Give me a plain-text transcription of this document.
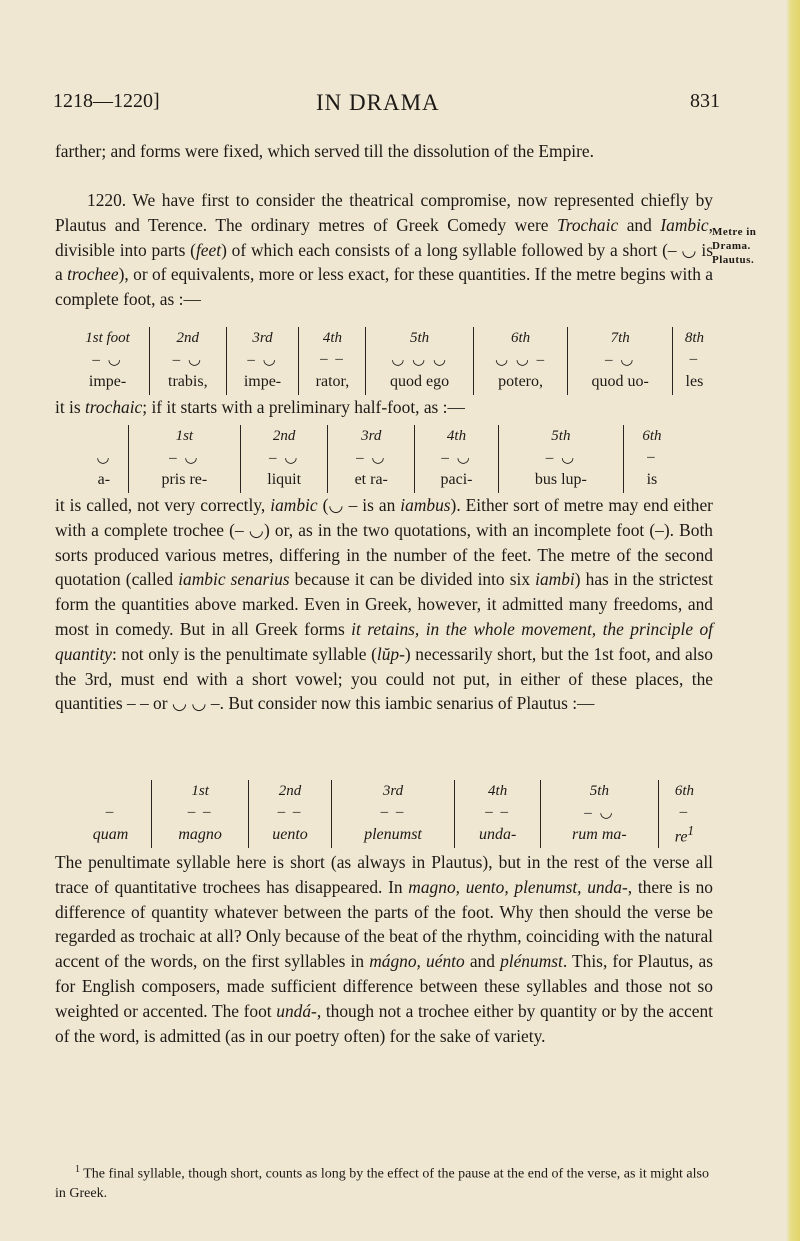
1218—1220]	IN DRAMA	831

farther; and forms were fixed, which served till the dissolution of the Empire.

1220. We have first to consider the theatrical compromise, now represented chiefly by Plautus and Terence. The ordinary metres of Greek Comedy were Trochaic and Iambic, divisible into parts (feet) of which each consists of a long syllable followed by a short (– ◡ is a trochee), or of equivalents, more or less exact, for these quantities. If the metre begins with a complete foot, as :—

Metre in
Drama.
Plautus.
1st foot	2nd	3rd	4th	5th	6th	7th	8th
– ◡	– ◡	– ◡	– –	◡ ◡ ◡	◡ ◡ –	– ◡	–
impe-	trabis,	impe-	rator,	quod ego	potero,	quod uo-	les

it is trochaic; if it starts with a preliminary half-foot, as :—

	1st	2nd	3rd	4th	5th	6th
◡	– ◡	– ◡	– ◡	– ◡	– ◡	–
a-	pris re-	liquit	et ra-	paci-	bus lup-	is

it is called, not very correctly, iambic (◡ – is an iambus). Either sort of metre may end either with a complete trochee (– ◡) or, as in the two quotations, with an incomplete foot (–). Both sorts produced various metres, differing in the number of the feet. The metre of the second quotation (called iambic senarius because it can be divided into six iambi) has in the strictest form the quantities above marked. Even in Greek, however, it admitted many freedoms, and most in comedy. But in all Greek forms it retains, in the whole movement, the principle of quantity: not only is the penultimate syllable (lŭp-) necessarily short, but the 1st foot, and also the 3rd, must end with a short vowel; you could not put, in either of these places, the quantities – – or ◡ ◡ –. But consider now this iambic senarius of Plautus :—

	1st	2nd	3rd	4th	5th	6th
–	– –	– –	– –	– –	– ◡	–
quam	magno	uento	plenumst	unda-	rum ma-	$re^1$

The penultimate syllable here is short (as always in Plautus), but in the rest of the verse all trace of quantitative trochees has disappeared. In magno, uento, plenumst, unda-, there is no difference of quantity whatever between the parts of the foot. Why then should the verse be regarded as trochaic at all? Only because of the beat of the rhythm, coinciding with the natural accent of the words, on the first syllables in mágno, uénto and plénumst. This, for Plautus, as for English composers, made sufficient difference between these syllables and those not so weighted or accented. The foot undá-, though not a trochee either by quantity or by the accent of the word, is admitted (as in our poetry often) for the sake of variety.

$^1$ The final syllable, though short, counts as long by the effect of the pause at the end of the verse, as it might also in Greek.
